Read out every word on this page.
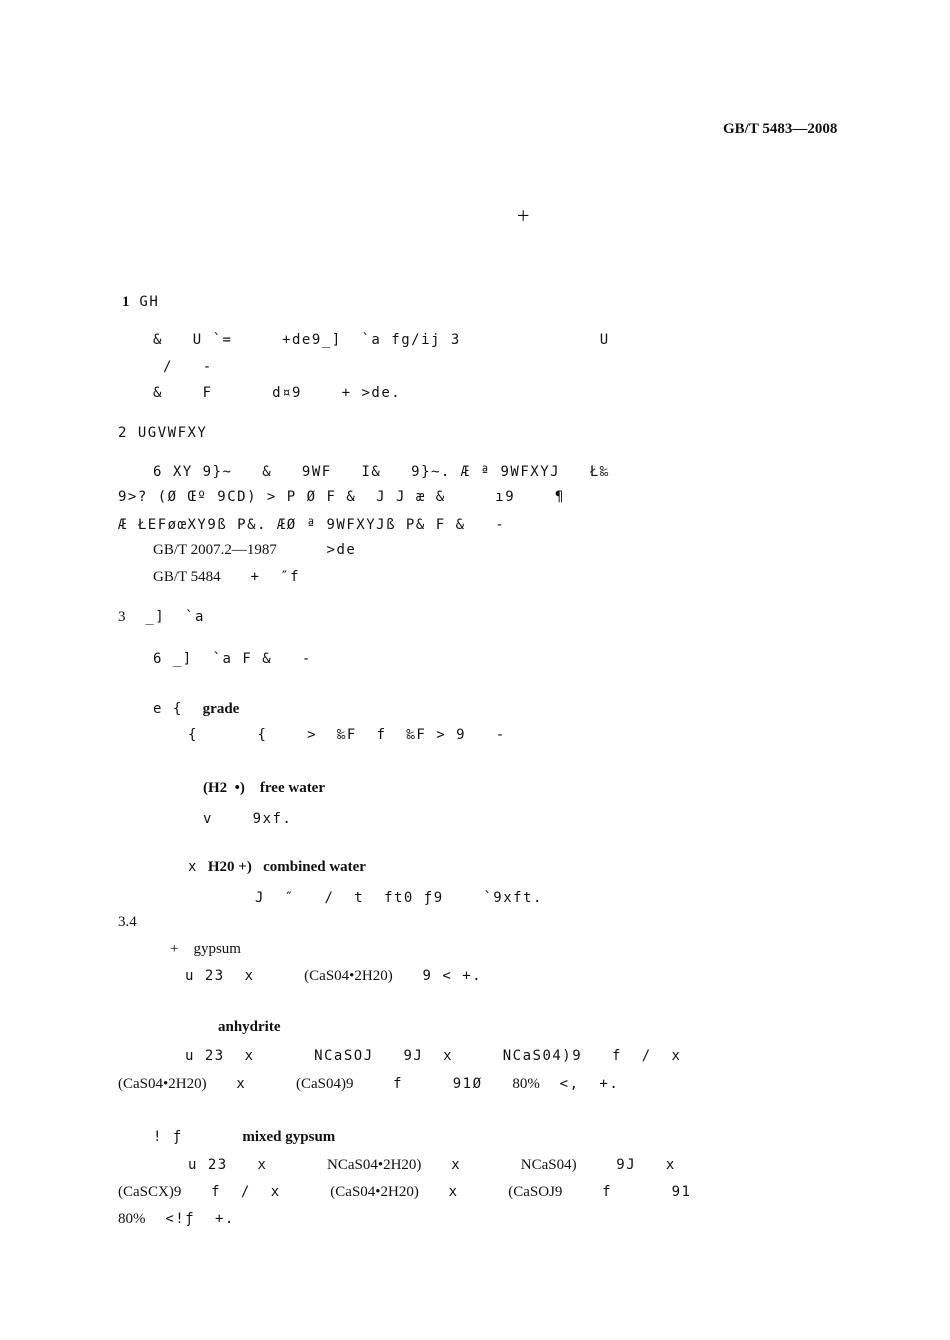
GB/T 5483—2008
+
1 GH
&   U `=     +de9_]  `a fg/ij 3              U
/   -
&    F      d¤9    + >de.
2 UGVWFXY
6 XY 9}~   &   9WF   I&   9}~. Æ ª 9WFXYJ   Ł‰
9>? (Ø Œº 9CD) > P Ø F &  J J æ &     ı9    ¶
Æ ŁEFøœXY9ß P&. ÆØ ª 9WFXYJß P& F &   -
GB/T 2007.2—1987     >de
GB/T 5484   +  ″f
3  _]  `a
6 _]  `a F &   -
e {  grade
{      {    >  ‰F  f  ‰F > 9   -
(H2  •)    free water
v    9xf.
x H20 +)   combined water
J  ″   /  t  ft0 ƒ9    `9xft.
3.4
+    gypsum
u 23  x     (CaS04•2H20)   9 < +.
anhydrite
u 23  x      NCaSOJ   9J  x     NCaS04)9   f  /  x
(CaS04•2H20)   x     (CaS04)9    f     91Ø   80%  <,  +.
! ƒ      mixed gypsum
u 23   x      NCaS04•2H20)   x      NCaS04)    9J   x
(CaSCX)9   f  /  x     (CaS04•2H20)   x     (CaSOJ9    f      91
80%  <!ƒ  +.
